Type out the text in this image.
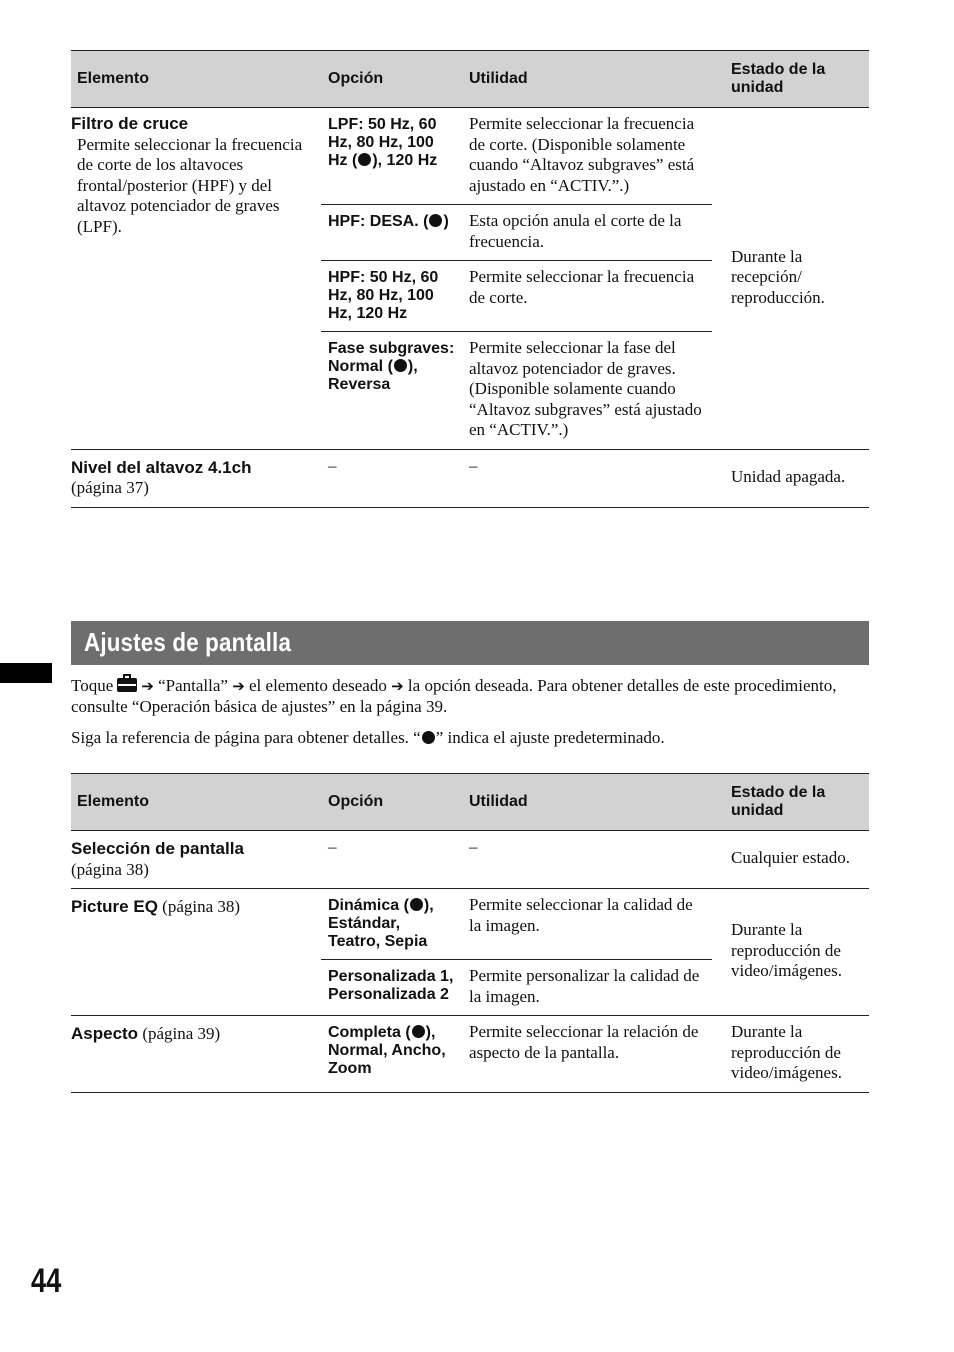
Elemento	Opción	Utilidad	Estado de la unidad
Filtro de cruce
Permite seleccionar la frecuencia de corte de los altavoces frontal/posterior (HPF) y del altavoz potenciador de graves (LPF).	LPF: 50 Hz, 60 Hz, 80 Hz, 100 Hz ( ), 120 Hz	Permite seleccionar la frecuencia de corte. (Disponible solamente cuando “Altavoz subgraves” está ajustado en “ACTIV.”.)	Durante la recepción/ reproducción.
	HPF: DESA. ( )	Esta opción anula el corte de la frecuencia.	
	HPF: 50 Hz, 60 Hz, 80 Hz, 100 Hz, 120 Hz	Permite seleccionar la frecuencia de corte.	
	Fase subgraves: Normal ( ), Reversa	Permite seleccionar la fase del altavoz potenciador de graves. (Disponible solamente cuando “Altavoz subgraves” está ajustado en “ACTIV.”.)	
Nivel del altavoz 4.1ch
(página 37)	–	–	Unidad apagada.
Ajustes de pantalla
Toque ➔ “Pantalla” ➔ el elemento deseado ➔ la opción deseada. Para obtener detalles de este procedimiento, consulte “Operación básica de ajustes” en la página 39.
Siga la referencia de página para obtener detalles. “ ” indica el ajuste predeterminado.
Elemento	Opción	Utilidad	Estado de la unidad
Selección de pantalla
(página 38)	–	–	Cualquier estado.
Picture EQ (página 38)	Dinámica ( ), Estándar, Teatro, Sepia	Permite seleccionar la calidad de la imagen.	Durante la reproducción de video/imágenes.
	Personalizada 1, Personalizada 2	Permite personalizar la calidad de la imagen.	
Aspecto (página 39)	Completa ( ), Normal, Ancho, Zoom	Permite seleccionar la relación de aspecto de la pantalla.	Durante la reproducción de video/imágenes.
44
